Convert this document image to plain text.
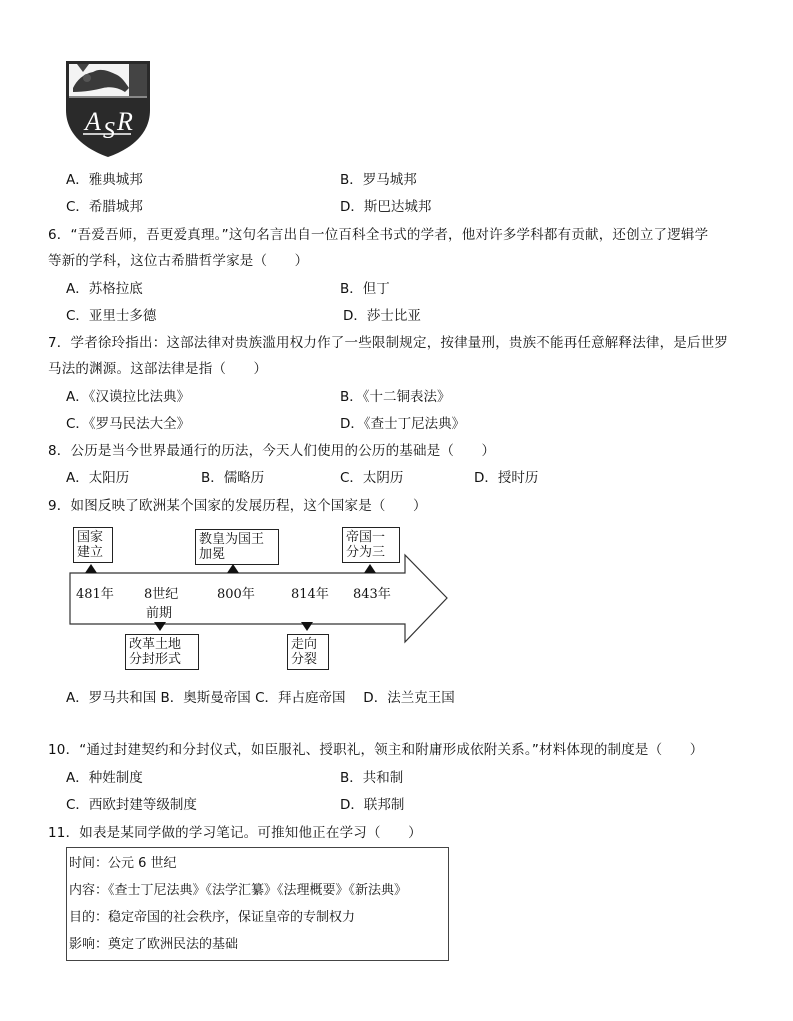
A S R
A．雅典城邦	B．罗马城邦
C．希腊城邦	D．斯巴达城邦
6．“吾爱吾师，吾更爱真理。”这句名言出自一位百科全书式的学者，他对许多学科都有贡献，还创立了逻辑学
等新的学科，这位古希腊哲学家是（　　）
A．苏格拉底	B．但丁
C．亚里士多德	D．莎士比亚
7．学者徐玲指出：这部法律对贵族滥用权力作了一些限制规定，按律量刑，贵族不能再任意解释法律，是后世罗
马法的渊源。这部法律是指（　　）
A．《汉谟拉比法典》	B．《十二铜表法》
C．《罗马民法大全》	D．《查士丁尼法典》
8．公历是当今世界最通行的历法，今天人们使用的公历的基础是（　　）
A．太阳历	B．儒略历	C．太阴历	D．授时历
9．如图反映了欧洲某个国家的发展历程，这个国家是（　　）
国家
建立
教皇为国王
加冕
帝国一
分为三
481年 8世纪
前期
800年	814年 843年
改革土地
分封形式
走向
分裂
A．罗马共和国 B．奥斯曼帝国 C．拜占庭帝国　 D．法兰克王国
10．“通过封建契约和分封仪式，如臣服礼、授职礼，领主和附庸形成依附关系。”材料体现的制度是（　　）
A．种姓制度	B．共和制
C．西欧封建等级制度	D．联邦制
11．如表是某同学做的学习笔记。可推知他正在学习（　　）
时间：公元 6 世纪
内容：《查士丁尼法典》《法学汇纂》《法理概要》《新法典》
目的：稳定帝国的社会秩序，保证皇帝的专制权力
影响：奠定了欧洲民法的基础
